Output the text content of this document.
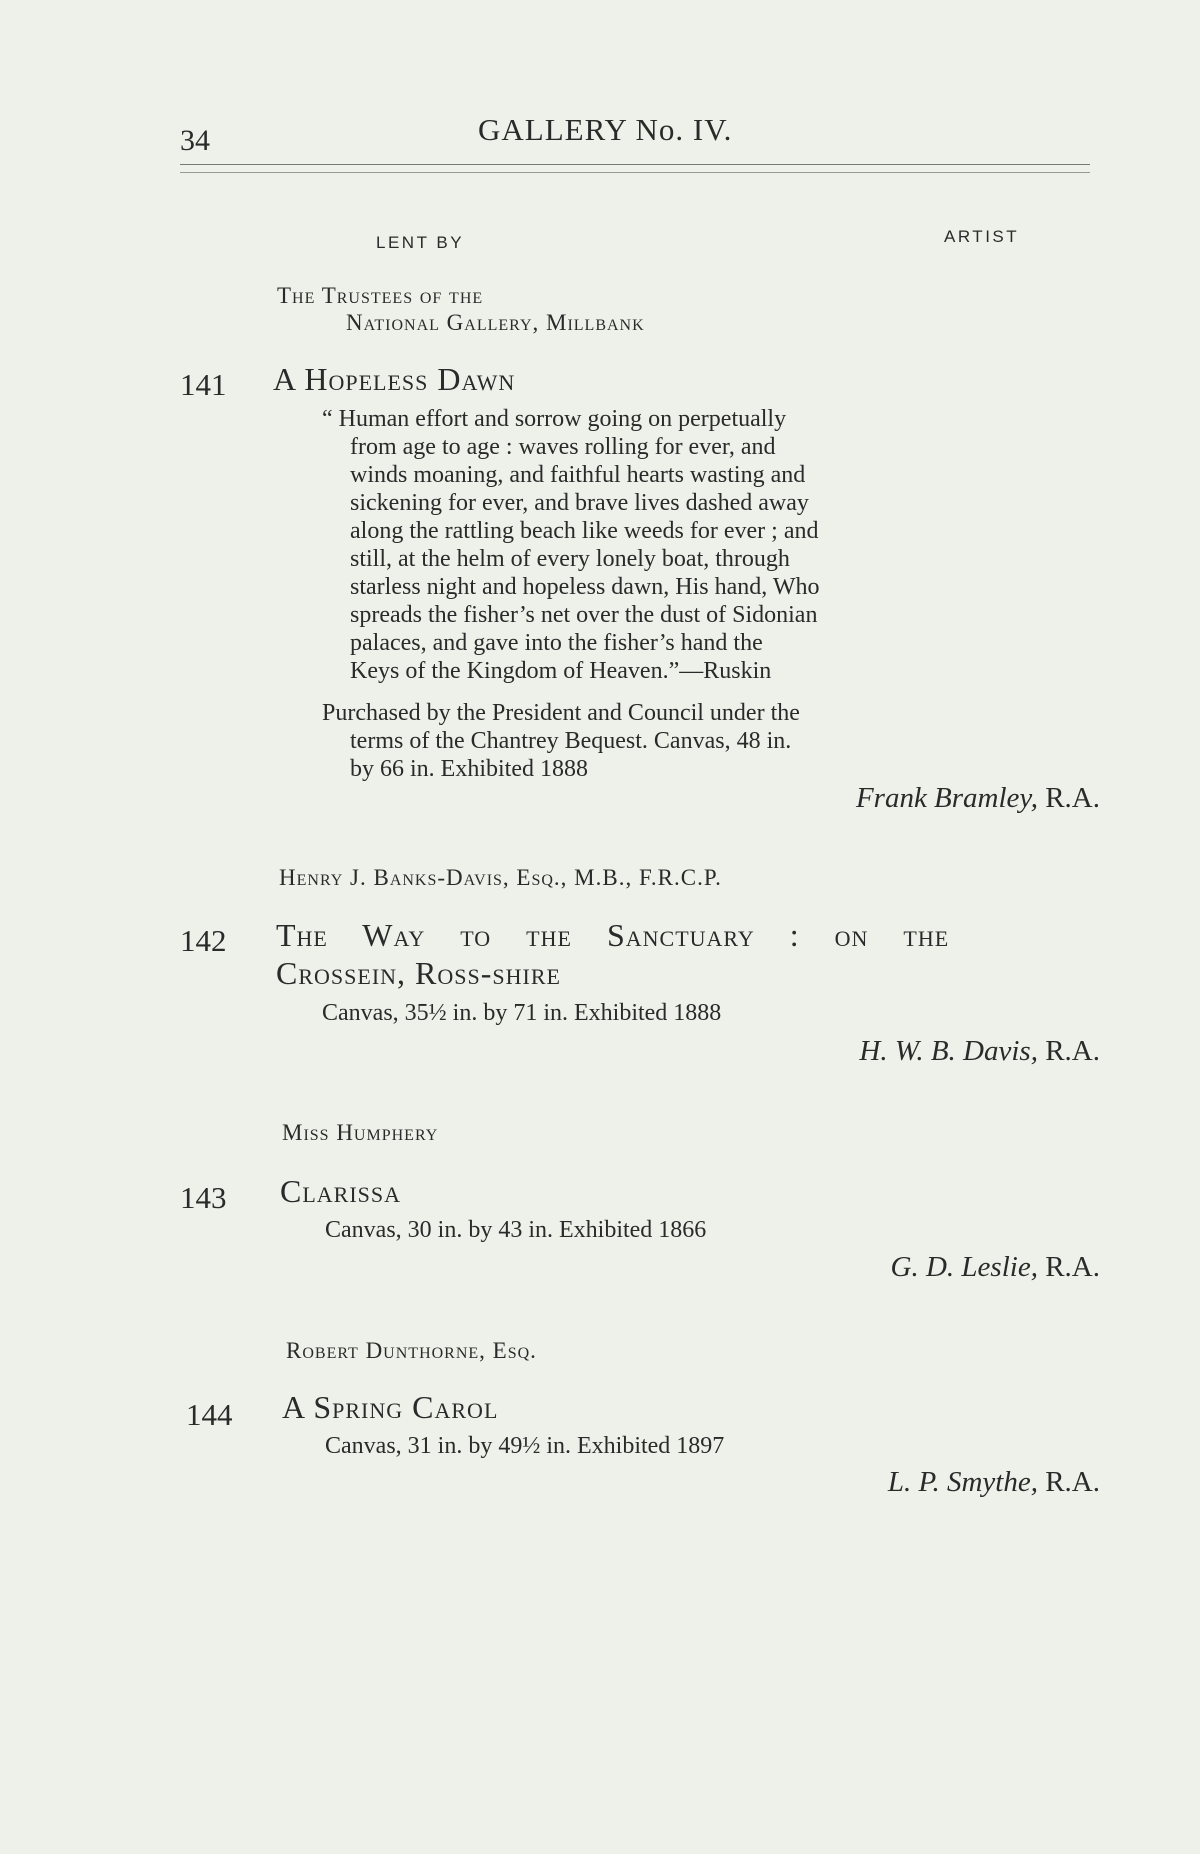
34	GALLERY No. IV.
LENT BY	ARTIST
The Trustees of the
National Gallery, Millbank
141 A Hopeless Dawn
“ Human effort and sorrow going on perpetually
from age to age : waves rolling for ever, and
winds moaning, and faithful hearts wasting and
sickening for ever, and brave lives dashed away
along the rattling beach like weeds for ever ; and
still, at the helm of every lonely boat, through
starless night and hopeless dawn, His hand, Who
spreads the fisher’s net over the dust of Sidonian
palaces, and gave into the fisher’s hand the
Keys of the Kingdom of Heaven.”—Ruskin
Purchased by the President and Council under the
terms of the Chantrey Bequest. Canvas, 48 in.
by 66 in. Exhibited 1888
Frank Bramley, R.A.
Henry J. Banks-Davis, Esq., M.B., F.R.C.P.
142 The Way to the Sanctuary : on the
Crossein, Ross-shire
Canvas, 35½ in. by 71 in. Exhibited 1888
H. W. B. Davis, R.A.
Miss Humphery
143 Clarissa
Canvas, 30 in. by 43 in. Exhibited 1866
G. D. Leslie, R.A.
Robert Dunthorne, Esq.
144 A Spring Carol
Canvas, 31 in. by 49½ in. Exhibited 1897
L. P. Smythe, R.A.
